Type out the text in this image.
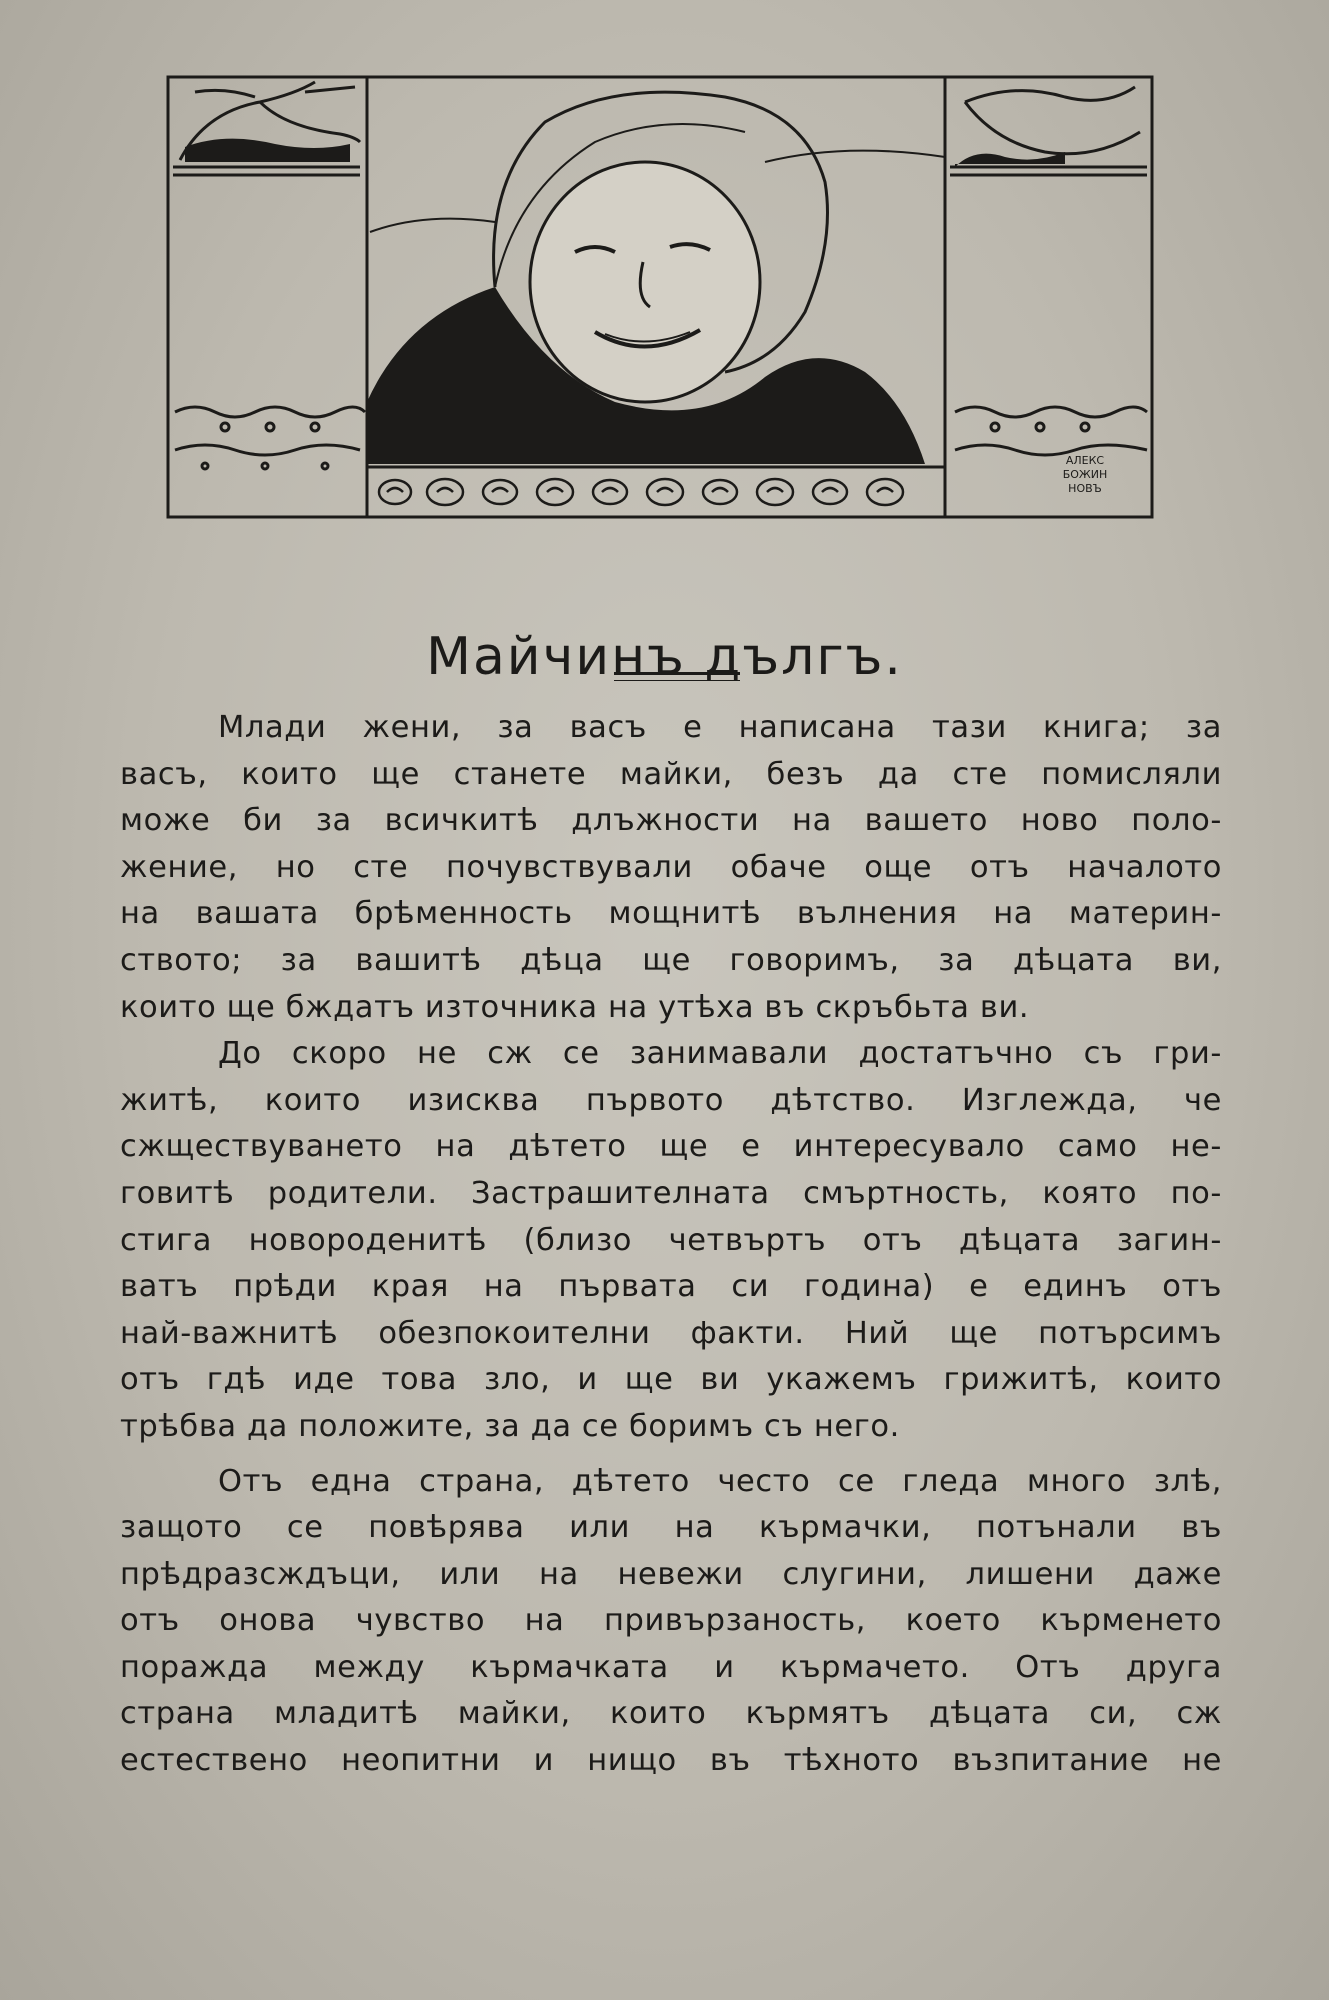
АЛЕКС
БОЖИН
НОВЪ
Майчинъ дългъ.
Млади жени, за васъ е написана тази книга; за
васъ, които ще станете майки, безъ да сте помисляли
може би за всичкитѣ длъжности на вашето ново поло-
жение, но сте почувствували обаче още отъ началото
на вашата брѣменность мощнитѣ вълнения на материн-
ството; за вашитѣ дѣца ще говоримъ, за дѣцата ви,
които ще бждатъ източника на утѣха въ скръбьта ви.
До скоро не сж се занимавали достатъчно съ гри-
житѣ, които изисква първото дѣтство. Изглежда, че
сжществуването на дѣтето ще е интересувало само не-
говитѣ родители. Застрашителната смъртность, която по-
стига новороденитѣ (близо четвъртъ отъ дѣцата загин-
ватъ прѣди края на първата си година) е единъ отъ
най-важнитѣ обезпокоителни факти. Ний ще потърсимъ
отъ гдѣ иде това зло, и ще ви укажемъ грижитѣ, които
трѣбва да положите, за да се боримъ съ него.
Отъ една страна, дѣтето често се гледа много злѣ,
защото се повѣрява или на кърмачки, потънали въ
прѣдразсждъци, или на невежи слугини, лишени даже
отъ онова чувство на привързаность, което кърменето
поражда между кърмачката и кърмачето. Отъ друга
страна младитѣ майки, които кърмятъ дѣцата си, сж
естествено неопитни и нищо въ тѣхното възпитание не
